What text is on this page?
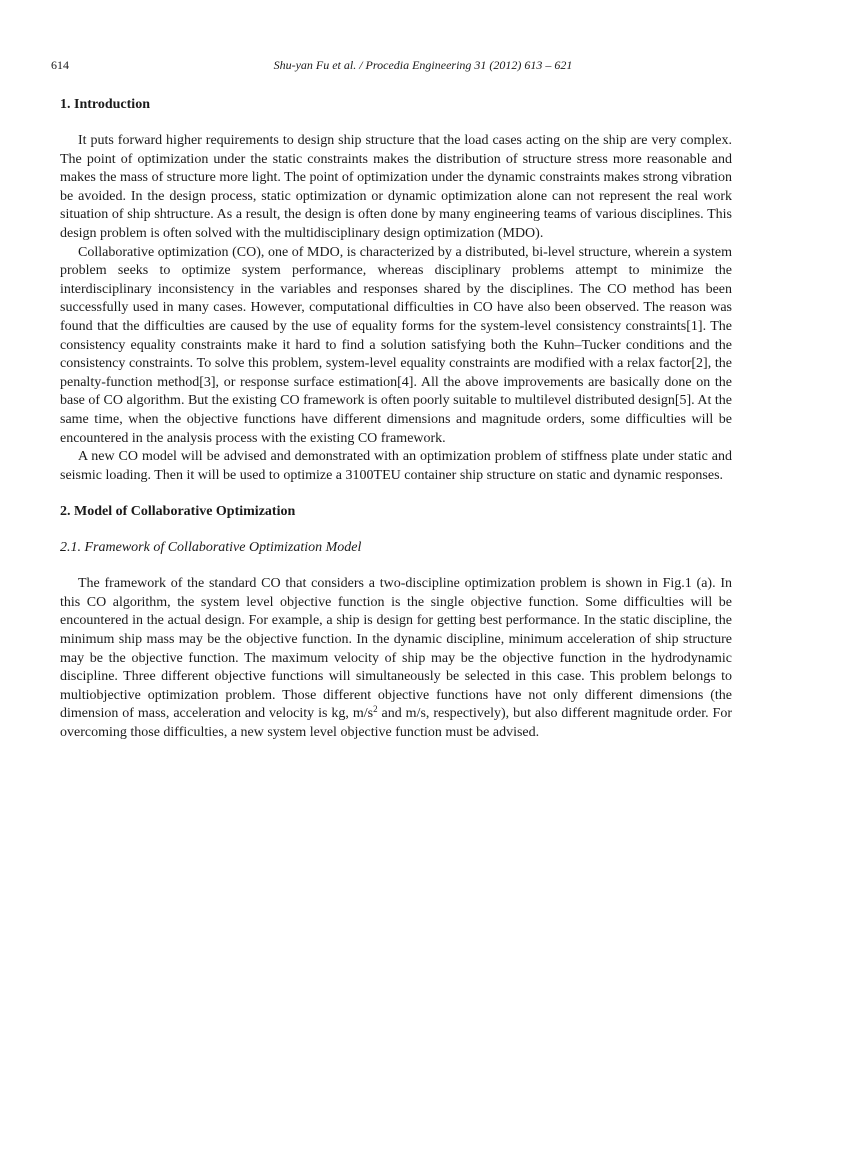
614	Shu-yan Fu et al. / Procedia Engineering 31 (2012) 613 – 621
1. Introduction

It puts forward higher requirements to design ship structure that the load cases acting on the ship are very complex. The point of optimization under the static constraints makes the distribution of structure stress more reasonable and makes the mass of structure more light. The point of optimization under the dynamic constraints makes strong vibration be avoided. In the design process, static optimization or dynamic optimization alone can not represent the real work situation of ship shtructure. As a result, the design is often done by many engineering teams of various disciplines. This design problem is often solved with the multidisciplinary design optimization (MDO).

Collaborative optimization (CO), one of MDO, is characterized by a distributed, bi-level structure, wherein a system problem seeks to optimize system performance, whereas disciplinary problems attempt to minimize the interdisciplinary inconsistency in the variables and responses shared by the disciplines. The CO method has been successfully used in many cases. However, computational difficulties in CO have also been observed. The reason was found that the difficulties are caused by the use of equality forms for the system-level consistency constraints[1]. The consistency equality constraints make it hard to find a solution satisfying both the Kuhn–Tucker conditions and the consistency constraints. To solve this problem, system-level equality constraints are modified with a relax factor[2], the penalty-function method[3], or response surface estimation[4]. All the above improvements are basically done on the base of CO algorithm. But the existing CO framework is often poorly suitable to multilevel distributed design[5]. At the same time, when the objective functions have different dimensions and magnitude orders, some difficulties will be encountered in the analysis process with the existing CO framework.

A new CO model will be advised and demonstrated with an optimization problem of stiffness plate under static and seismic loading. Then it will be used to optimize a 3100TEU container ship structure on static and dynamic responses.

2. Model of Collaborative Optimization
2.1. Framework of Collaborative Optimization Model

The framework of the standard CO that considers a two-discipline optimization problem is shown in Fig.1 (a). In this CO algorithm, the system level objective function is the single objective function. Some difficulties will be encountered in the actual design. For example, a ship is design for getting best performance. In the static discipline, the minimum ship mass may be the objective function. In the dynamic discipline, minimum acceleration of ship structure may be the objective function. The maximum velocity of ship may be the objective function in the hydrodynamic discipline. Three different objective functions will simultaneously be selected in this case. This problem belongs to multiobjective optimization problem. Those different objective functions have not only different dimensions (the dimension of mass, acceleration and velocity is kg, $m/s^2$ and m/s, respectively), but also different magnitude order. For overcoming those difficulties, a new system level objective function must be advised.
